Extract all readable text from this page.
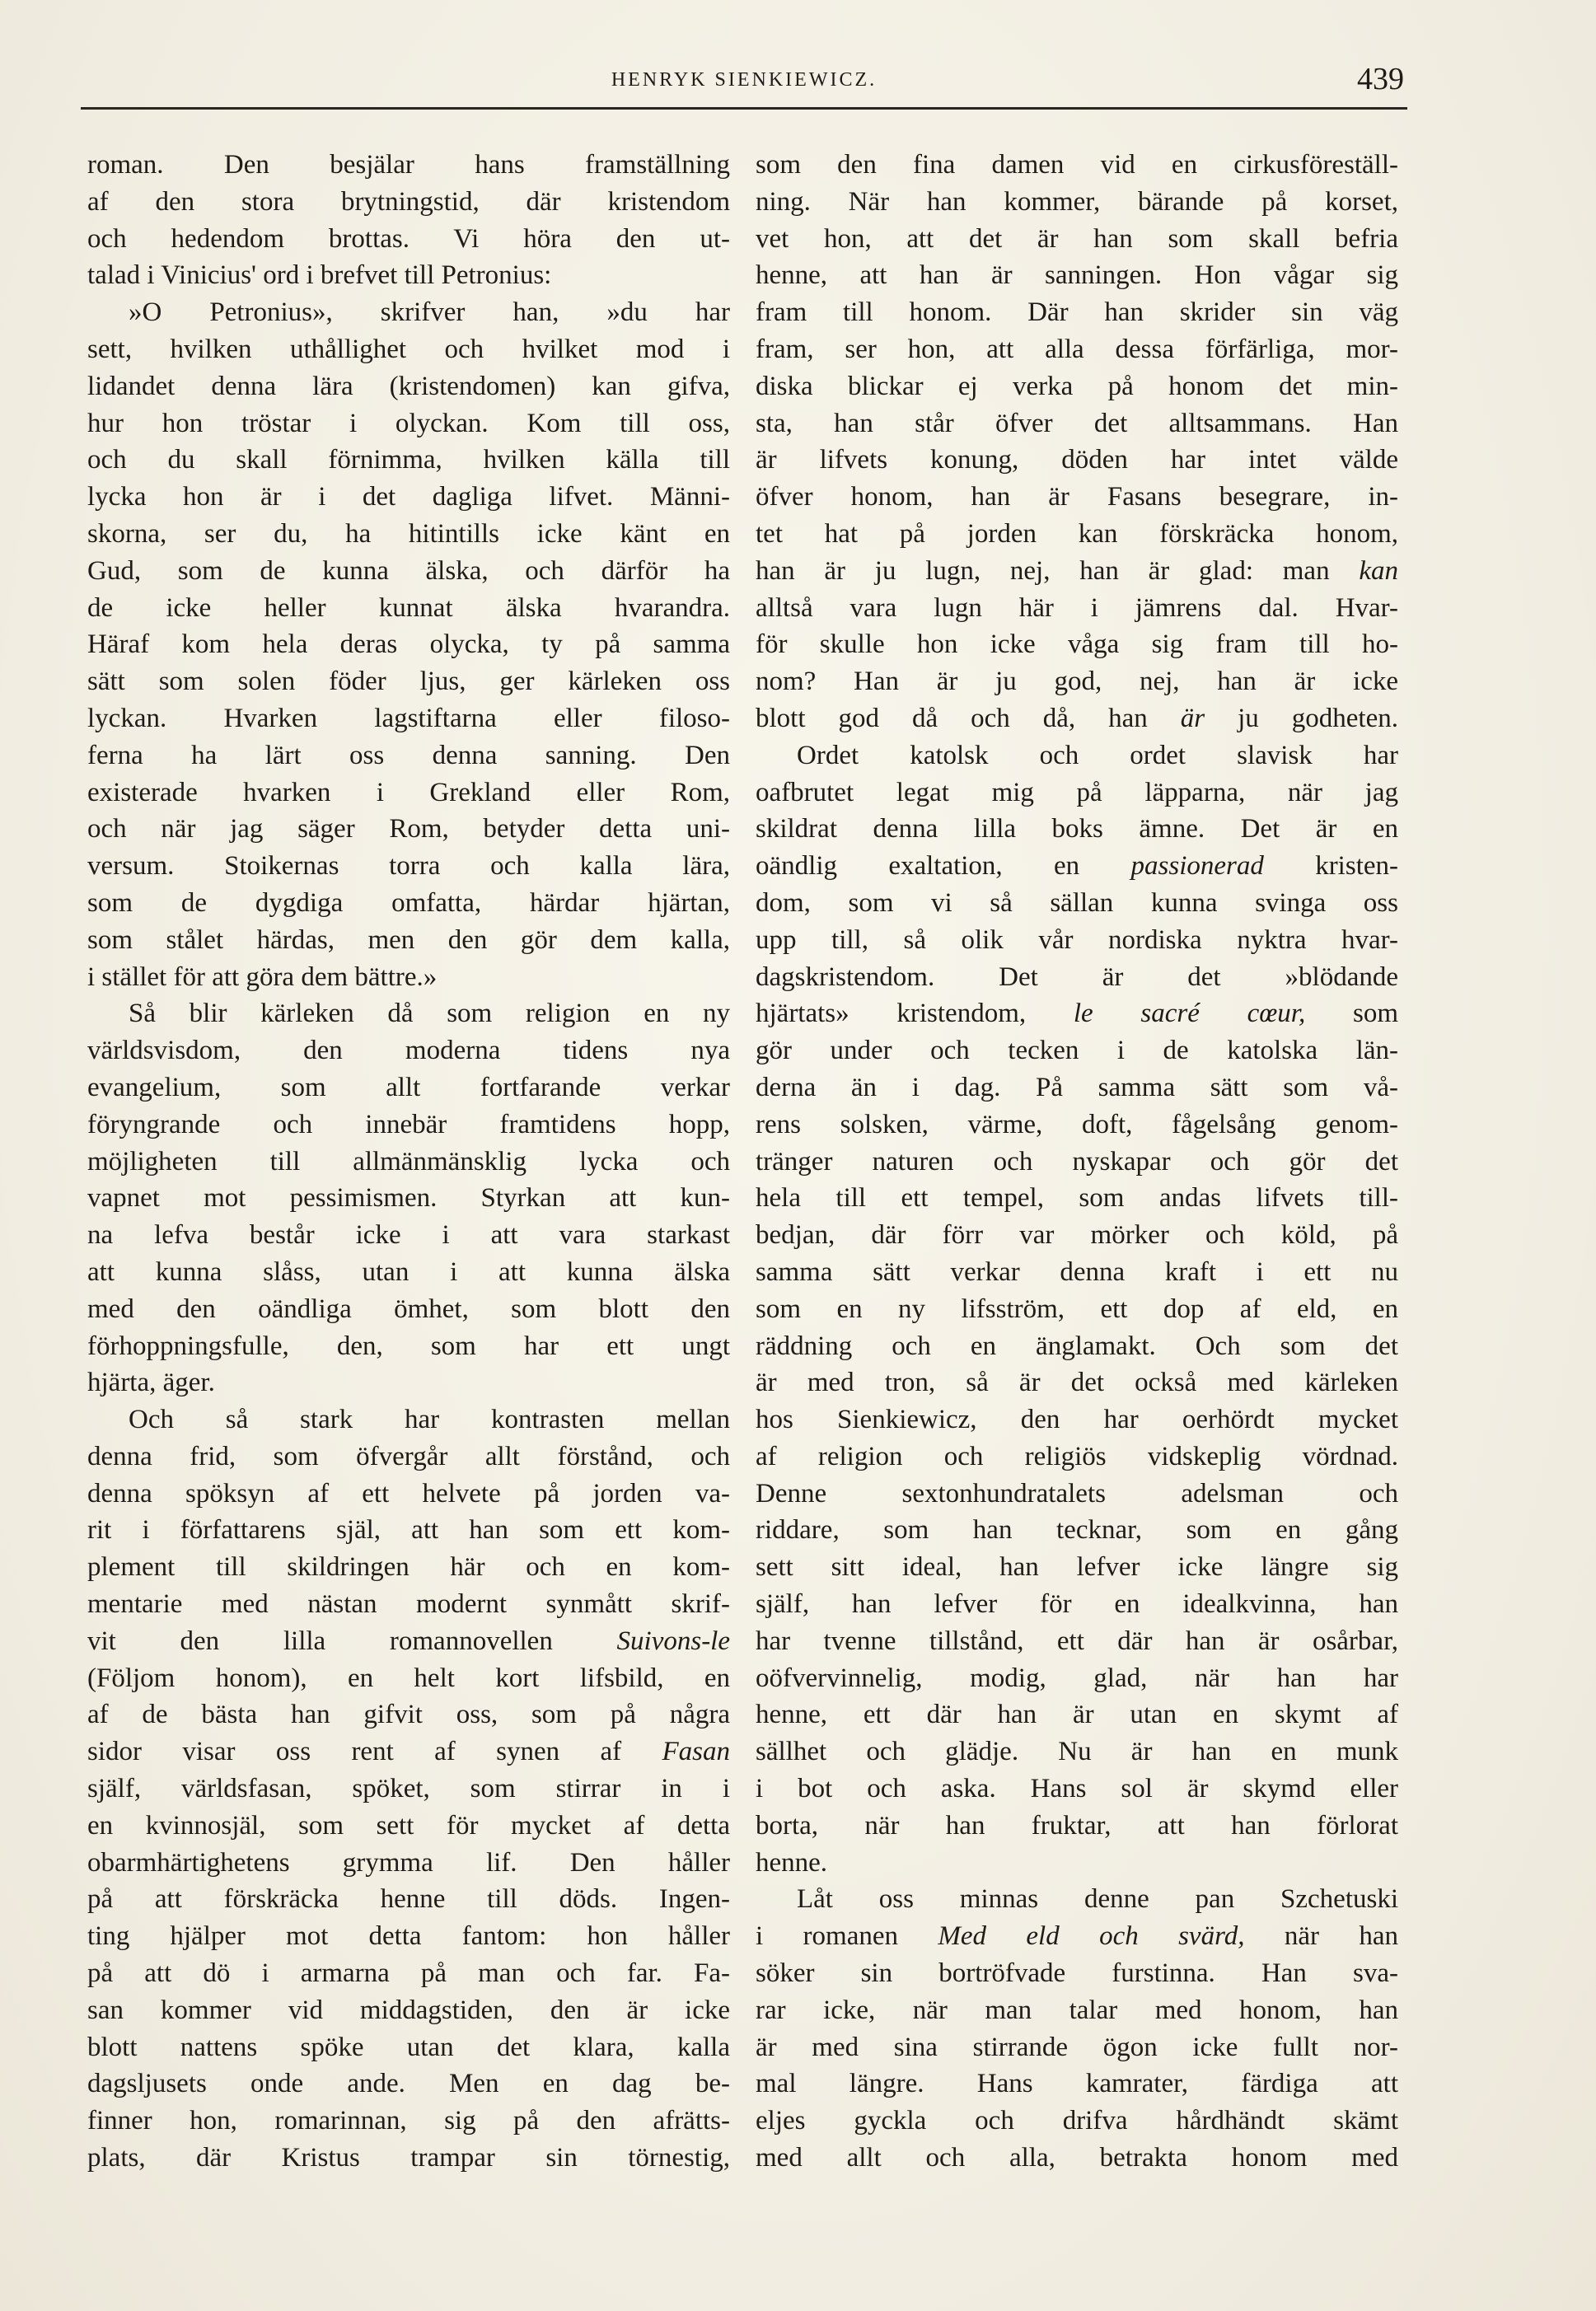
HENRYK SIENKIEWICZ.	439
roman. Den besjälar hans framställning
af den stora brytningstid, där kristendom
och hedendom brottas. Vi höra den ut-
talad i Vinicius' ord i brefvet till Petronius:
»O Petronius», skrifver han, »du har
sett, hvilken uthållighet och hvilket mod i
lidandet denna lära (kristendomen) kan gifva,
hur hon tröstar i olyckan. Kom till oss,
och du skall förnimma, hvilken källa till
lycka hon är i det dagliga lifvet. Männi-
skorna, ser du, ha hitintills icke känt en
Gud, som de kunna älska, och därför ha
de icke heller kunnat älska hvarandra.
Häraf kom hela deras olycka, ty på samma
sätt som solen föder ljus, ger kärleken oss
lyckan. Hvarken lagstiftarna eller filoso-
ferna ha lärt oss denna sanning. Den
existerade hvarken i Grekland eller Rom,
och när jag säger Rom, betyder detta uni-
versum. Stoikernas torra och kalla lära,
som de dygdiga omfatta, härdar hjärtan,
som stålet härdas, men den gör dem kalla,
i stället för att göra dem bättre.»
Så blir kärleken då som religion en ny
världsvisdom, den moderna tidens nya
evangelium, som allt fortfarande verkar
föryngrande och innebär framtidens hopp,
möjligheten till allmänmänsklig lycka och
vapnet mot pessimismen. Styrkan att kun-
na lefva består icke i att vara starkast
att kunna slåss, utan i att kunna älska
med den oändliga ömhet, som blott den
förhoppningsfulle, den, som har ett ungt
hjärta, äger.
Och så stark har kontrasten mellan
denna frid, som öfvergår allt förstånd, och
denna spöksyn af ett helvete på jorden va-
rit i författarens själ, att han som ett kom-
plement till skildringen här och en kom-
mentarie med nästan modernt synmått skrif-
vit den lilla romannovellen Suivons-le
(Följom honom), en helt kort lifsbild, en
af de bästa han gifvit oss, som på några
sidor visar oss rent af synen af Fasan
själf, världsfasan, spöket, som stirrar in i
en kvinnosjäl, som sett för mycket af detta
obarmhärtighetens grymma lif. Den håller
på att förskräcka henne till döds. Ingen-
ting hjälper mot detta fantom: hon håller
på att dö i armarna på man och far. Fa-
san kommer vid middagstiden, den är icke
blott nattens spöke utan det klara, kalla
dagsljusets onde ande. Men en dag be-
finner hon, romarinnan, sig på den afrätts-
plats, där Kristus trampar sin törnestig,
som den fina damen vid en cirkusföreställ-
ning. När han kommer, bärande på korset,
vet hon, att det är han som skall befria
henne, att han är sanningen. Hon vågar sig
fram till honom. Där han skrider sin väg
fram, ser hon, att alla dessa förfärliga, mor-
diska blickar ej verka på honom det min-
sta, han står öfver det alltsammans. Han
är lifvets konung, döden har intet välde
öfver honom, han är Fasans besegrare, in-
tet hat på jorden kan förskräcka honom,
han är ju lugn, nej, han är glad: man kan
alltså vara lugn här i jämrens dal. Hvar-
för skulle hon icke våga sig fram till ho-
nom? Han är ju god, nej, han är icke
blott god då och då, han är ju godheten.
Ordet katolsk och ordet slavisk har
oafbrutet legat mig på läpparna, när jag
skildrat denna lilla boks ämne. Det är en
oändlig exaltation, en passionerad kristen-
dom, som vi så sällan kunna svinga oss
upp till, så olik vår nordiska nyktra hvar-
dagskristendom. Det är det »blödande
hjärtats» kristendom, le sacré cœur, som
gör under och tecken i de katolska län-
derna än i dag. På samma sätt som vå-
rens solsken, värme, doft, fågelsång genom-
tränger naturen och nyskapar och gör det
hela till ett tempel, som andas lifvets till-
bedjan, där förr var mörker och köld, på
samma sätt verkar denna kraft i ett nu
som en ny lifsström, ett dop af eld, en
räddning och en änglamakt. Och som det
är med tron, så är det också med kärleken
hos Sienkiewicz, den har oerhördt mycket
af religion och religiös vidskeplig vördnad.
Denne sextonhundratalets adelsman och
riddare, som han tecknar, som en gång
sett sitt ideal, han lefver icke längre sig
själf, han lefver för en idealkvinna, han
har tvenne tillstånd, ett där han är osårbar,
oöfvervinnelig, modig, glad, när han har
henne, ett där han är utan en skymt af
sällhet och glädje. Nu är han en munk
i bot och aska. Hans sol är skymd eller
borta, när han fruktar, att han förlorat
henne.
Låt oss minnas denne pan Szchetuski
i romanen Med eld och svärd, när han
söker sin bortröfvade furstinna. Han sva-
rar icke, när man talar med honom, han
är med sina stirrande ögon icke fullt nor-
mal längre. Hans kamrater, färdiga att
eljes gyckla och drifva hårdhändt skämt
med allt och alla, betrakta honom med
